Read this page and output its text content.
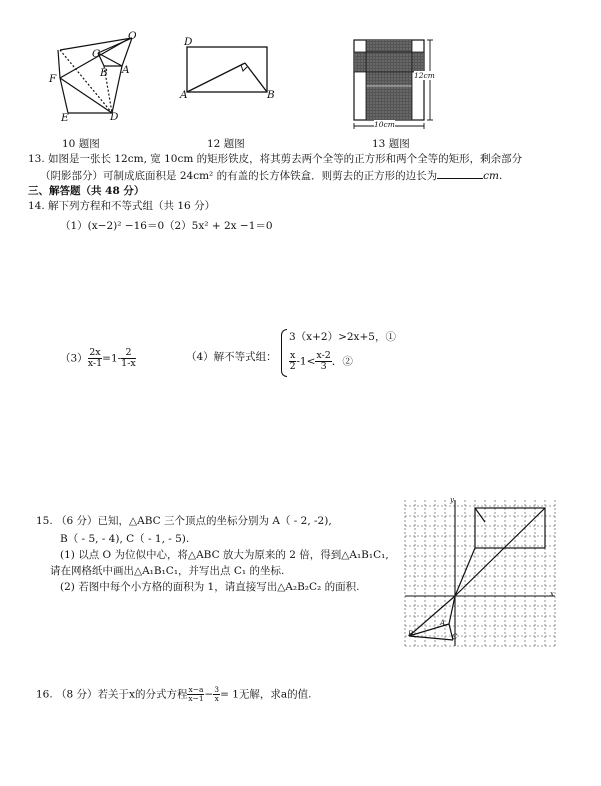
C
O
B A
F
E	D
10 题图
D
A	B
12 题图
12cm
10cm
13 题图
13. 如图是一张长 12cm, 宽 10cm 的矩形铁皮，将其剪去两个全等的正方形和两个全等的矩形，剩余部分
（阴影部分）可制成底面积是 24cm² 的有盖的长方体铁盒．则剪去的正方形的边长为	cm.
三、解答题（共 48 分）
14. 解下列方程和不等式组（共 16 分）
（1）(x−2)² −16＝0 （2）5x² + 2x −1＝0
$(3) \frac{2x}{x-1} =1- \frac{2}{1-x}$	（4）解不等式组：
3（x+2）>2x+5，①
$\frac{x}{2} -1< \frac{x-2}{3}$ ．②
15. （6 分）已知，△ABC 三个顶点的坐标分别为 A（ - 2, -2),
B（ - 5, - 4), C（ - 1, - 5).
(1) 以点 O 为位似中心，将△ABC 放大为原来的 2 倍，得到△A₁B₁C₁,
请在网格纸中画出△A₁B₁C₁，并写出点 C₁ 的坐标.
(2) 若图中每个小方格的面积为 1，请直接写出△A₂B₂C₂ 的面积.
y
x
A
B	C
16. （8 分）若关于x的分式方程 $\frac{x-a}{x-1} - \frac{3}{x} = 1$无解，求a的值.
